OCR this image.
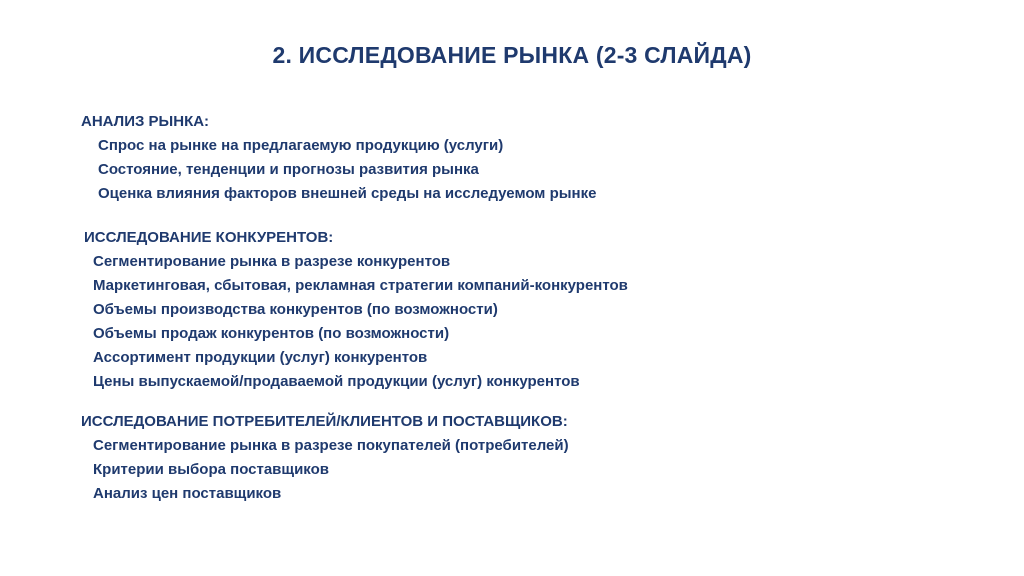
2. ИССЛЕДОВАНИЕ РЫНКА (2-3 СЛАЙДА)
АНАЛИЗ РЫНКА:
Спрос на рынке на предлагаемую продукцию (услуги)
Состояние, тенденции и прогнозы развития рынка
Оценка влияния факторов внешней среды на исследуемом рынке
ИССЛЕДОВАНИЕ КОНКУРЕНТОВ:
Сегментирование рынка в разрезе конкурентов
Маркетинговая, сбытовая, рекламная стратегии компаний-конкурентов
Объемы производства конкурентов (по возможности)
Объемы продаж конкурентов (по возможности)
Ассортимент продукции (услуг) конкурентов
Цены выпускаемой/продаваемой продукции (услуг) конкурентов
ИССЛЕДОВАНИЕ ПОТРЕБИТЕЛЕЙ/КЛИЕНТОВ И ПОСТАВЩИКОВ:
Сегментирование рынка в разрезе покупателей (потребителей)
Критерии выбора поставщиков
Анализ цен поставщиков
